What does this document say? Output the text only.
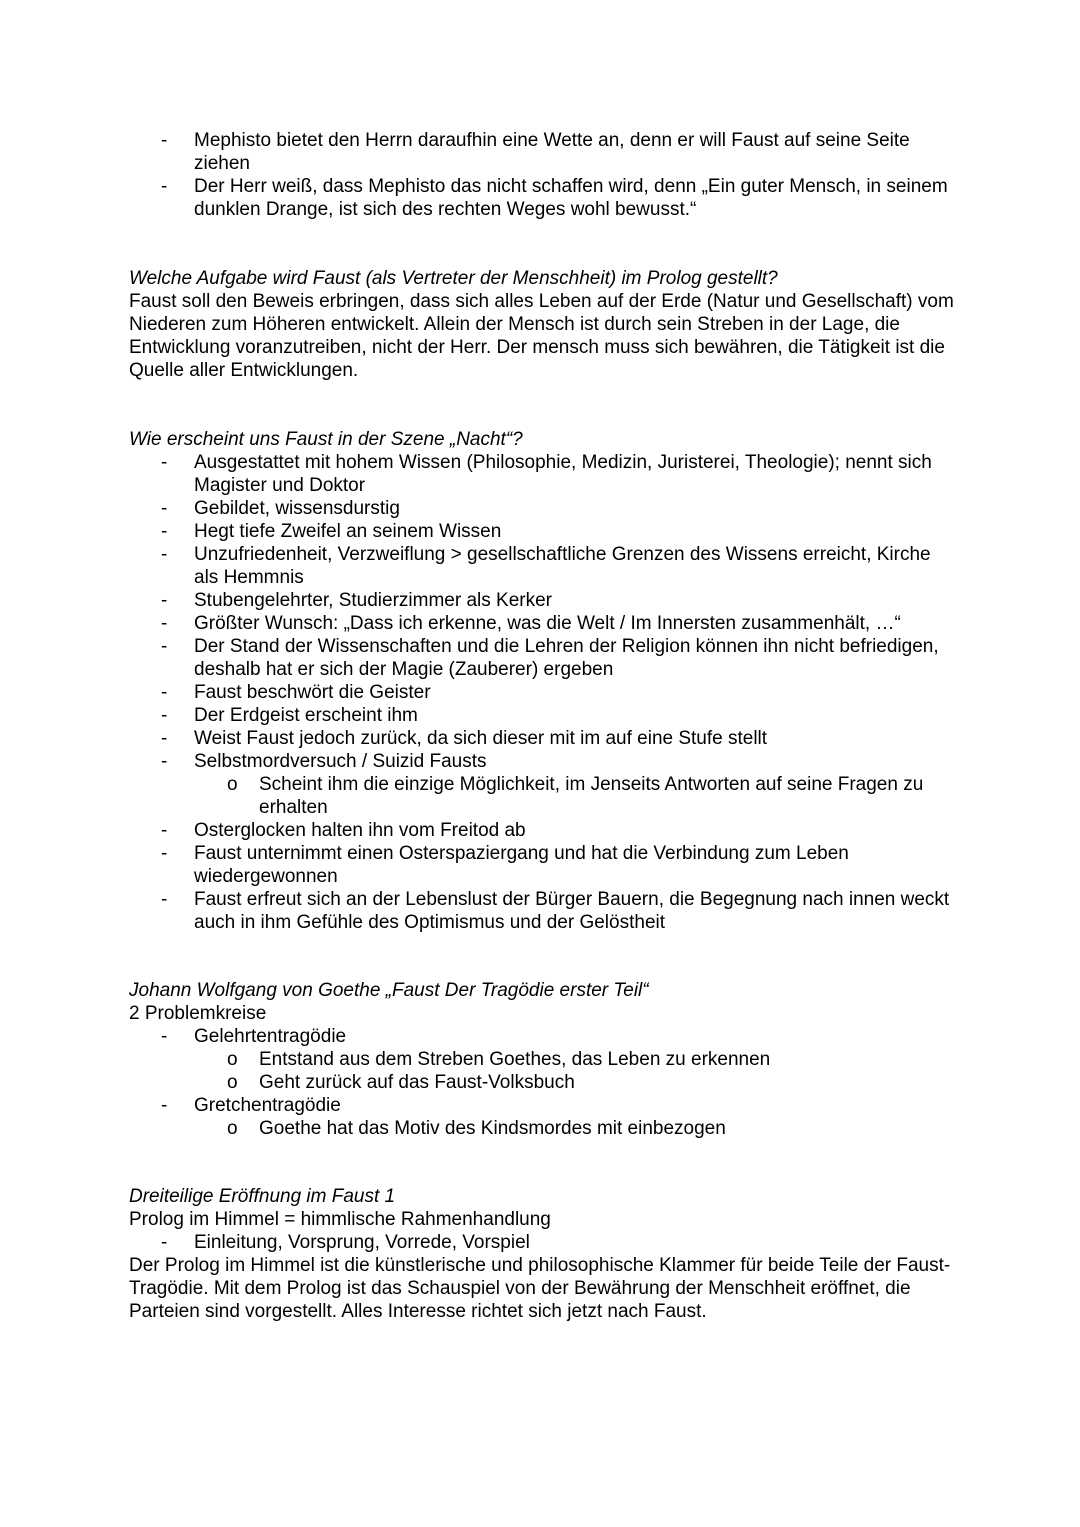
- Mephisto bietet den Herrn daraufhin eine Wette an, denn er will Faust auf seine Seite ziehen
- Der Herr weiß, dass Mephisto das nicht schaffen wird, denn „Ein guter Mensch, in seinem dunklen Drange, ist sich des rechten Weges wohl bewusst.“

Welche Aufgabe wird Faust (als Vertreter der Menschheit) im Prolog gestellt?

Faust soll den Beweis erbringen, dass sich alles Leben auf der Erde (Natur und Gesellschaft) vom Niederen zum Höheren entwickelt. Allein der Mensch ist durch sein Streben in der Lage, die Entwicklung voranzutreiben, nicht der Herr. Der mensch muss sich bewähren, die Tätigkeit ist die Quelle aller Entwicklungen.

Wie erscheint uns Faust in der Szene „Nacht“?

- Ausgestattet mit hohem Wissen (Philosophie, Medizin, Juristerei, Theologie); nennt sich Magister und Doktor
- Gebildet, wissensdurstig
- Hegt tiefe Zweifel an seinem Wissen
- Unzufriedenheit, Verzweiflung > gesellschaftliche Grenzen des Wissens erreicht, Kirche als Hemmnis
- Stubengelehrter, Studierzimmer als Kerker
- Größter Wunsch: „Dass ich erkenne, was die Welt / Im Innersten zusammenhält, …“
- Der Stand der Wissenschaften und die Lehren der Religion können ihn nicht befriedigen, deshalb hat er sich der Magie (Zauberer) ergeben
- Faust beschwört die Geister
- Der Erdgeist erscheint ihm
- Weist Faust jedoch zurück, da sich dieser mit im auf eine Stufe stellt
- Selbstmordversuch / Suizid Fausts
o Scheint ihm die einzige Möglichkeit, im Jenseits Antworten auf seine Fragen zu erhalten
- Osterglocken halten ihn vom Freitod ab
- Faust unternimmt einen Osterspaziergang und hat die Verbindung zum Leben wiedergewonnen
- Faust erfreut sich an der Lebenslust der Bürger Bauern, die Begegnung nach innen weckt auch in ihm Gefühle des Optimismus und der Gelöstheit

Johann Wolfgang von Goethe „Faust Der Tragödie erster Teil“

2 Problemkreise

- Gelehrtentragödie
o Entstand aus dem Streben Goethes, das Leben zu erkennen
o Geht zurück auf das Faust-Volksbuch
- Gretchentragödie
o Goethe hat das Motiv des Kindsmordes mit einbezogen

Dreiteilige Eröffnung im Faust 1

Prolog im Himmel = himmlische Rahmenhandlung

- Einleitung, Vorsprung, Vorrede, Vorspiel

Der Prolog im Himmel ist die künstlerische und philosophische Klammer für beide Teile der Faust-Tragödie. Mit dem Prolog ist das Schauspiel von der Bewährung der Menschheit eröffnet, die Parteien sind vorgestellt. Alles Interesse richtet sich jetzt nach Faust.
